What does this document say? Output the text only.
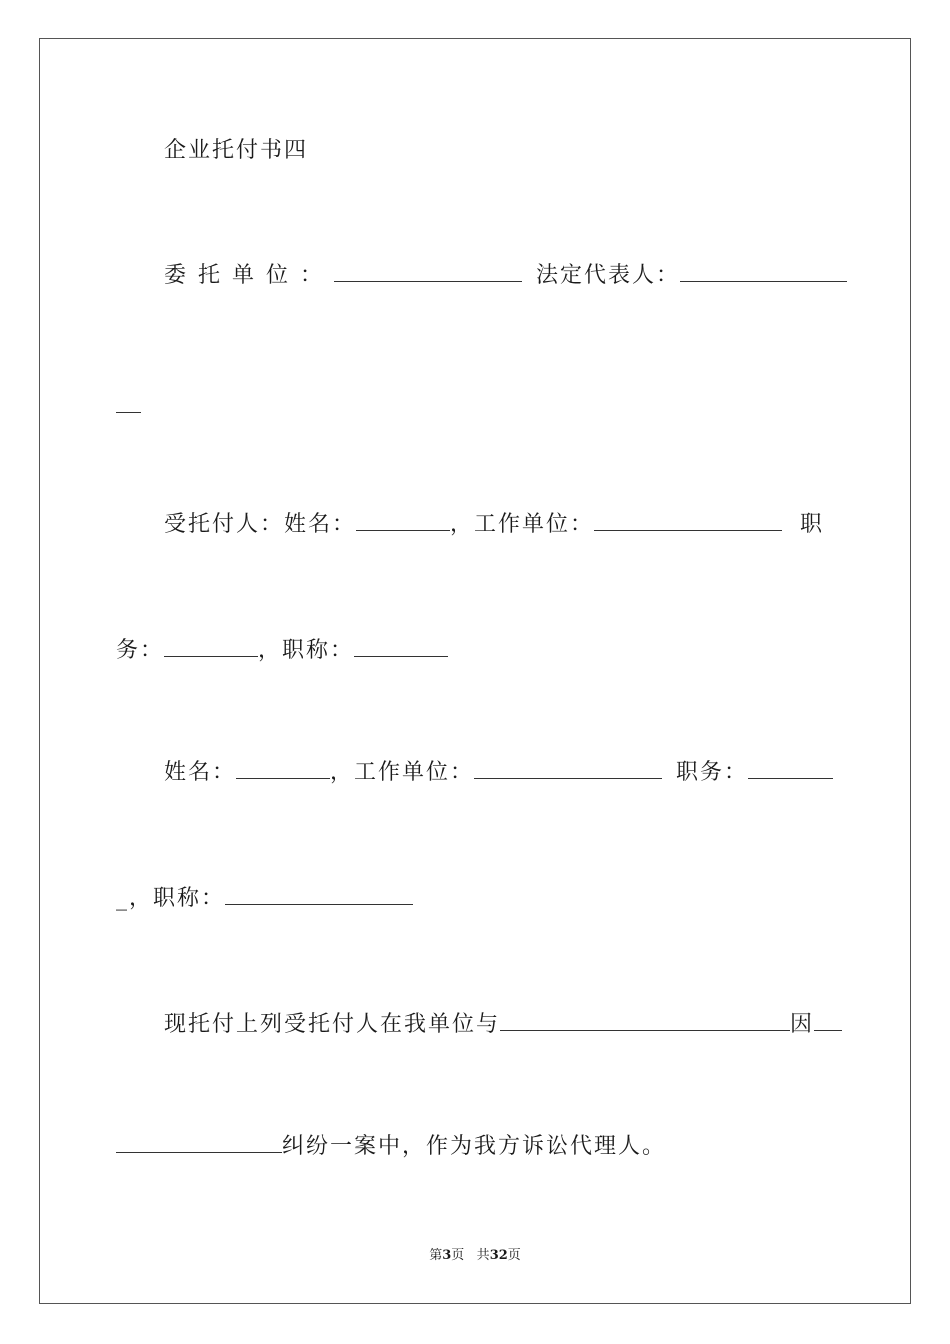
企业托付书四
委托单位：	法定代表人：
受托付人：姓名：	，工作单位：	职
务：	，职称：
姓名：	，工作单位：	职务：
_，职称：
现托付上列受托付人在我单位与	因
纠纷一案中，作为我方诉讼代理人。
第3页 共32页
